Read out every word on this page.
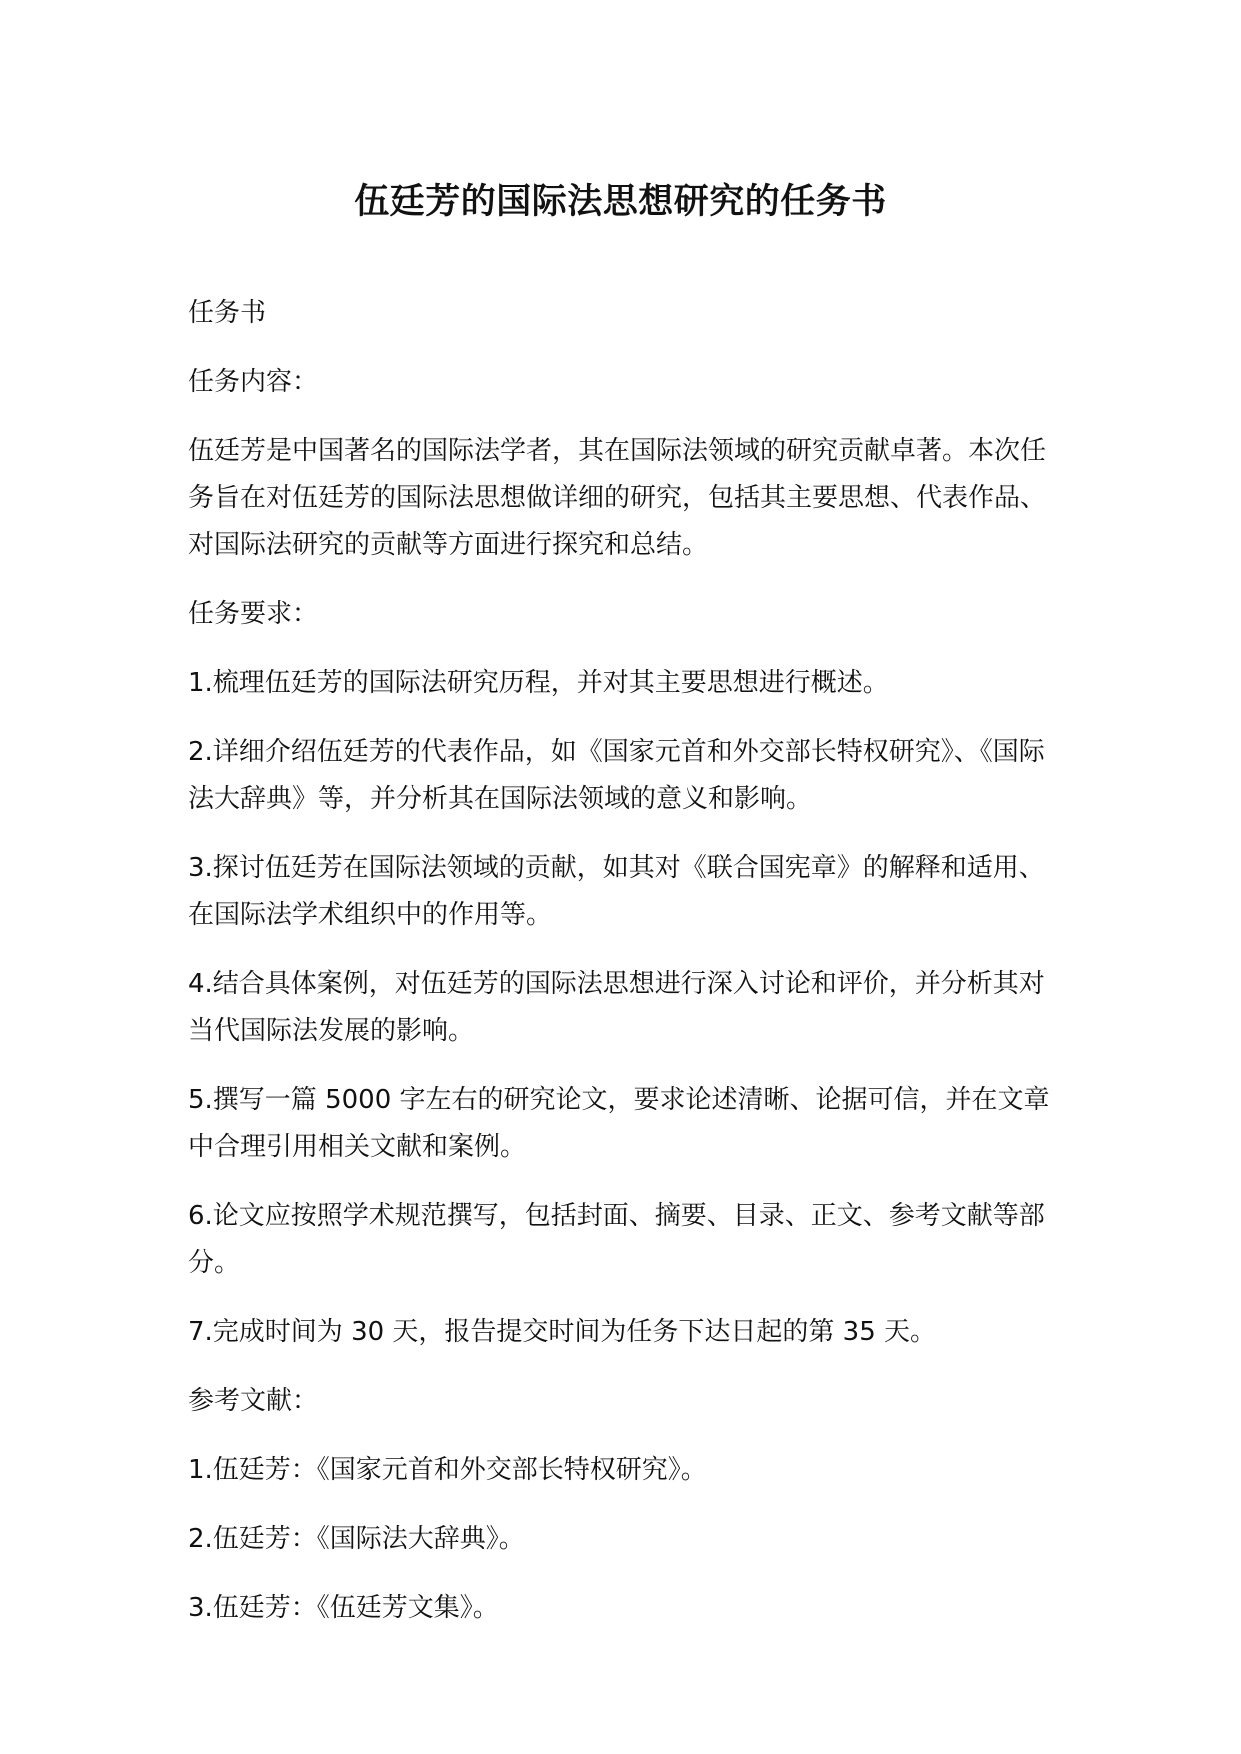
伍廷芳的国际法思想研究的任务书

任务书

任务内容：

伍廷芳是中国著名的国际法学者，其在国际法领域的研究贡献卓著。本次任务旨在对伍廷芳的国际法思想做详细的研究，包括其主要思想、代表作品、对国际法研究的贡献等方面进行探究和总结。

任务要求：

1.梳理伍廷芳的国际法研究历程，并对其主要思想进行概述。

2.详细介绍伍廷芳的代表作品，如《国家元首和外交部长特权研究》、《国际法大辞典》等，并分析其在国际法领域的意义和影响。

3.探讨伍廷芳在国际法领域的贡献，如其对《联合国宪章》的解释和适用、在国际法学术组织中的作用等。

4.结合具体案例，对伍廷芳的国际法思想进行深入讨论和评价，并分析其对当代国际法发展的影响。

5.撰写一篇 5000 字左右的研究论文，要求论述清晰、论据可信，并在文章中合理引用相关文献和案例。

6.论文应按照学术规范撰写，包括封面、摘要、目录、正文、参考文献等部分。

7.完成时间为 30 天，报告提交时间为任务下达日起的第 35 天。

参考文献：

1.伍廷芳：《国家元首和外交部长特权研究》。

2.伍廷芳：《国际法大辞典》。

3.伍廷芳：《伍廷芳文集》。
